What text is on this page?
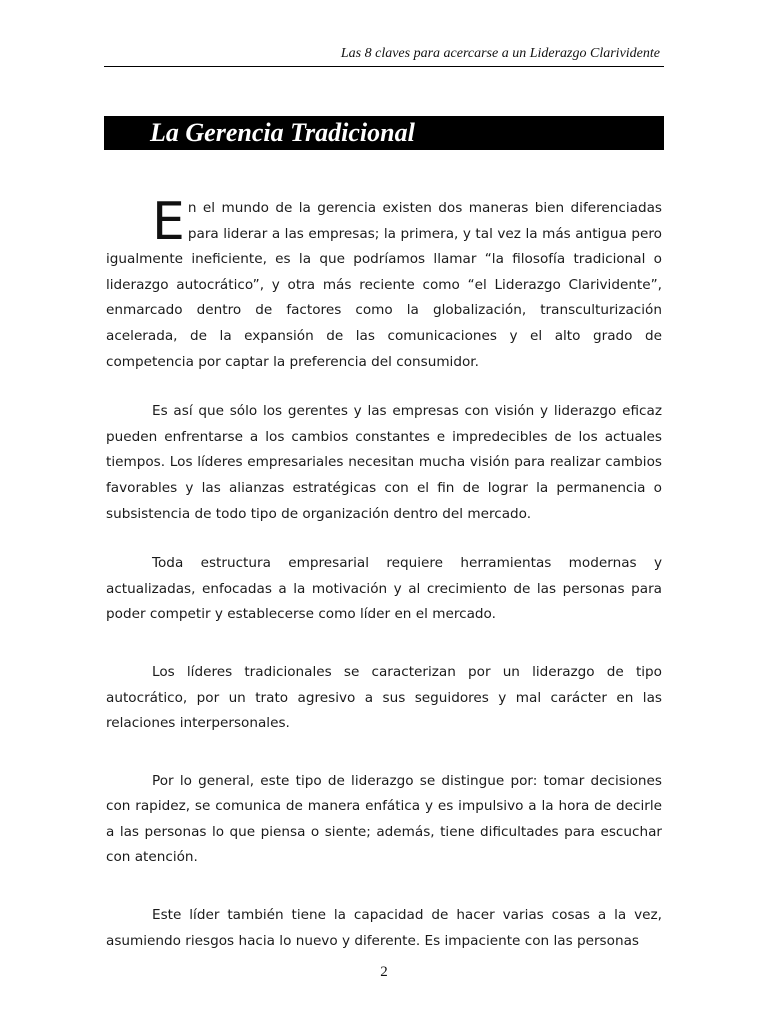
Las 8 claves para acercarse a un Liderazgo Clarividente
La Gerencia Tradicional

En el mundo de la gerencia existen dos maneras bien diferenciadas para liderar a las empresas; la primera, y tal vez la más antigua pero igualmente ineficiente, es la que podríamos llamar “la filosofía tradicional o liderazgo autocrático”, y otra más reciente como “el Liderazgo Clarividente”, enmarcado dentro de factores como la globalización, transculturización acelerada, de la expansión de las comunicaciones y el alto grado de competencia por captar la preferencia del consumidor.

Es así que sólo los gerentes y las empresas con visión y liderazgo eficaz pueden enfrentarse a los cambios constantes e impredecibles de los actuales tiempos. Los líderes empresariales necesitan mucha visión para realizar cambios favorables y las alianzas estratégicas con el fin de lograr la permanencia o subsistencia de todo tipo de organización dentro del mercado.

Toda estructura empresarial requiere herramientas modernas y actualizadas, enfocadas a la motivación y al crecimiento de las personas para poder competir y establecerse como líder en el mercado.

Los líderes tradicionales se caracterizan por un liderazgo de tipo autocrático, por un trato agresivo a sus seguidores y mal carácter en las relaciones interpersonales.

Por lo general, este tipo de liderazgo se distingue por: tomar decisiones con rapidez, se comunica de manera enfática y es impulsivo a la hora de decirle a las personas lo que piensa o siente; además, tiene dificultades para escuchar con atención.

Este líder también tiene la capacidad de hacer varias cosas a la vez, asumiendo riesgos hacia lo nuevo y diferente. Es impaciente con las personas

2
